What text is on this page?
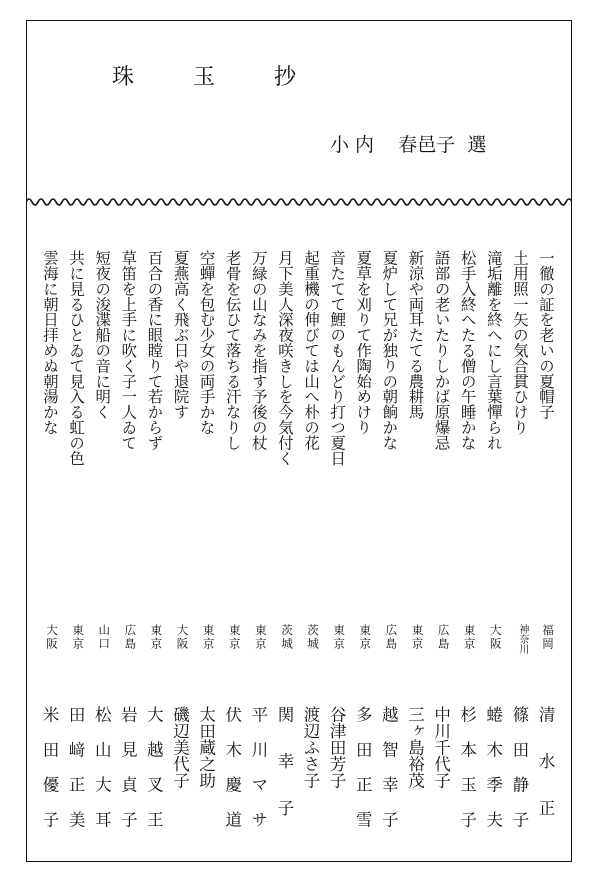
珠 玉 抄
小 内 春邑子 選
一徹の証を老いの夏帽子
福岡
清水正
土用照一矢の気合貫ひけり
神奈川
篠田静子
滝垢離を終へにし言葉憚られ
大阪
蜷木季夫
松手入終へたる僧の午睡かな
東京
杉本玉子
語部の老いたりしかば原爆忌
広島
中川千代子
新涼や両耳たてる農耕馬
東京
三ヶ島裕茂
夏炉して兄が独りの朝餉かな
広島
越智幸子
夏草を刈りて作陶始めけり
東京
多田正雪
音たてて鯉のもんどり打つ夏日
東京
谷津田芳子
起重機の伸びては山へ朴の花
茨城
渡辺ふさ子
月下美人深夜咲きしを今気付く
茨城
関幸子
万緑の山なみを指す予後の杖
東京
平川マサ
老骨を伝ひて落ちる汗なりし
東京
伏木慶道
空蟬を包む少女の両手かな
東京
太田蔵之助
夏燕高く飛ぶ日や退院す
大阪
磯辺美代子
百合の香に眼瞠りて若からず
東京
大越叉王
草笛を上手に吹く子一人ゐて
広島
岩見貞子
短夜の浚渫船の音に明く
山口
松山大耳
共に見るひとゐて見入る虹の色
東京
田﨑正美
雲海に朝日拝めぬ朝湯かな
大阪
米田優子
